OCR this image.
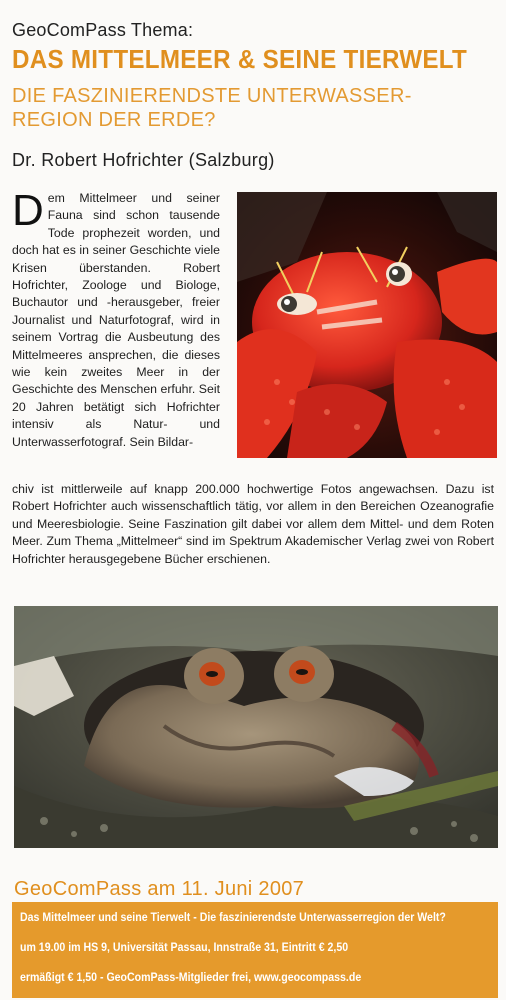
GeoComPass Thema:
DAS MITTELMEER & SEINE TIERWELT
DIE FASZINIERENDSTE UNTERWASSER-REGION DER ERDE?
Dr. Robert Hofrichter (Salzburg)
D em Mittelmeer und seiner Fauna sind schon tausende Tode prophezeit worden, und doch hat es in seiner Geschichte viele Krisen überstanden. Robert Hofrichter, Zoologe und Biologe, Buchautor und -herausgeber, freier Journalist und Naturfotograf, wird in seinem Vortrag die Ausbeutung des Mittelmeeres ansprechen, die dieses wie kein zweites Meer in der Geschichte des Menschen erfuhr. Seit 20 Jahren betätigt sich Hofrichter intensiv als Natur- und Unterwasserfotograf. Sein Bildar-
chiv ist mittlerweile auf knapp 200.000 hochwertige Fotos angewachsen. Dazu ist Robert Hofrichter auch wissenschaftlich tätig, vor allem in den Bereichen Ozeanografie und Meeresbiologie. Seine Faszination gilt dabei vor allem dem Mittel- und dem Roten Meer. Zum Thema „Mittelmeer“ sind im Spektrum Akademischer Verlag zwei von Robert Hofrichter herausgegebene Bücher erschienen.
GeoComPass am 11. Juni 2007
Das Mittelmeer und seine Tierwelt - Die faszinierendste Unterwasserregion der Welt?
um 19.00 im HS 9, Universität Passau, Innstraße 31, Eintritt € 2,50
ermäßigt € 1,50 - GeoComPass-Mitglieder frei, www.geocompass.de
